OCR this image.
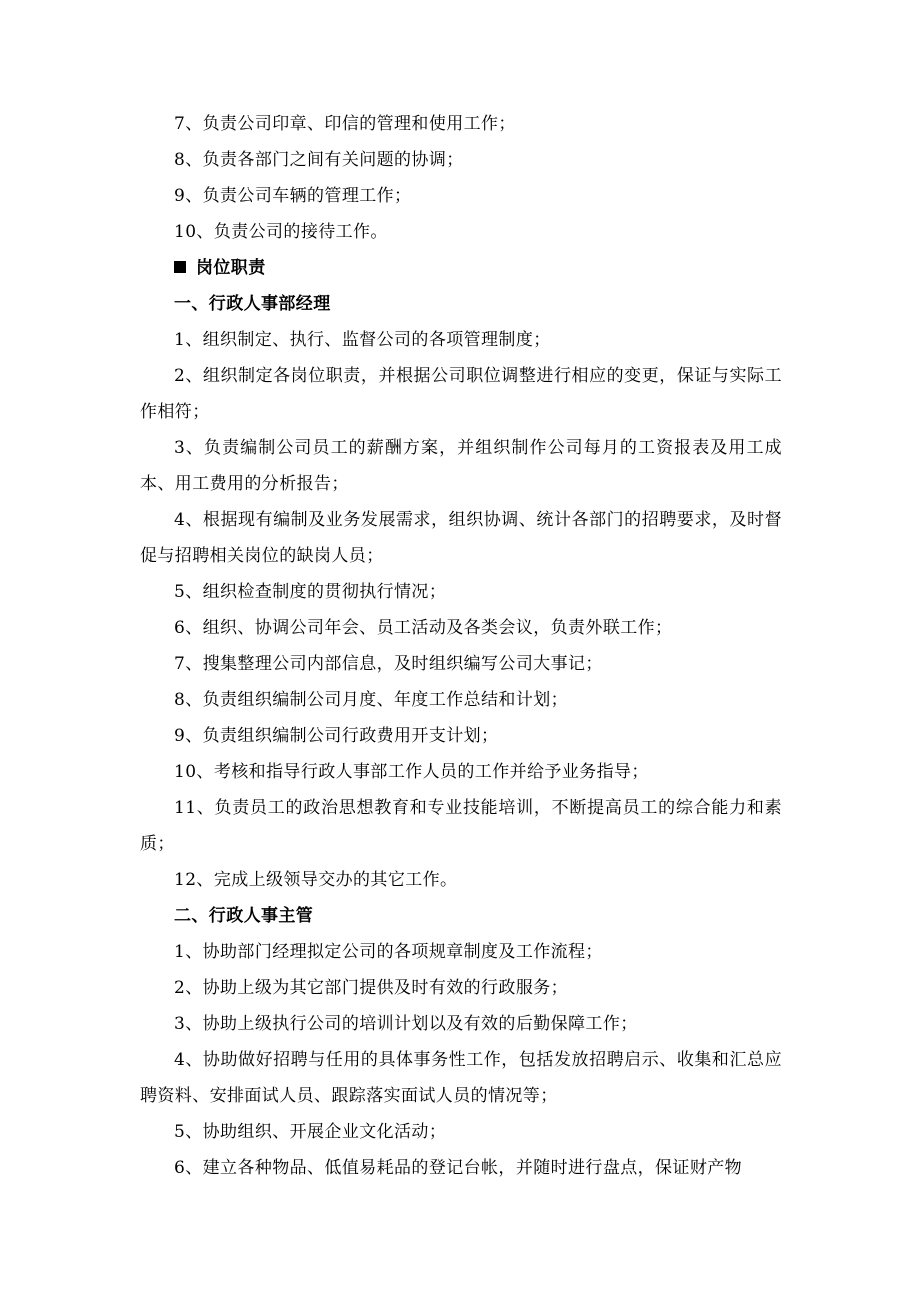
7、负责公司印章、印信的管理和使用工作；

8、负责各部门之间有关问题的协调；

9、负责公司车辆的管理工作；

10、负责公司的接待工作。

岗位职责

一、行政人事部经理

1、组织制定、执行、监督公司的各项管理制度；

2、组织制定各岗位职责，并根据公司职位调整进行相应的变更，保证与实际工作相符；

3、负责编制公司员工的薪酬方案，并组织制作公司每月的工资报表及用工成本、用工费用的分析报告；

4、根据现有编制及业务发展需求，组织协调、统计各部门的招聘要求，及时督促与招聘相关岗位的缺岗人员；

5、组织检查制度的贯彻执行情况；

6、组织、协调公司年会、员工活动及各类会议，负责外联工作；

7、搜集整理公司内部信息，及时组织编写公司大事记；

8、负责组织编制公司月度、年度工作总结和计划；

9、负责组织编制公司行政费用开支计划；

10、考核和指导行政人事部工作人员的工作并给予业务指导；

11、负责员工的政治思想教育和专业技能培训，不断提高员工的综合能力和素质；

12、完成上级领导交办的其它工作。

二、行政人事主管

1、协助部门经理拟定公司的各项规章制度及工作流程；

2、协助上级为其它部门提供及时有效的行政服务；

3、协助上级执行公司的培训计划以及有效的后勤保障工作；

4、协助做好招聘与任用的具体事务性工作，包括发放招聘启示、收集和汇总应聘资料、安排面试人员、跟踪落实面试人员的情况等；

5、协助组织、开展企业文化活动；

6、建立各种物品、低值易耗品的登记台帐，并随时进行盘点，保证财产物
